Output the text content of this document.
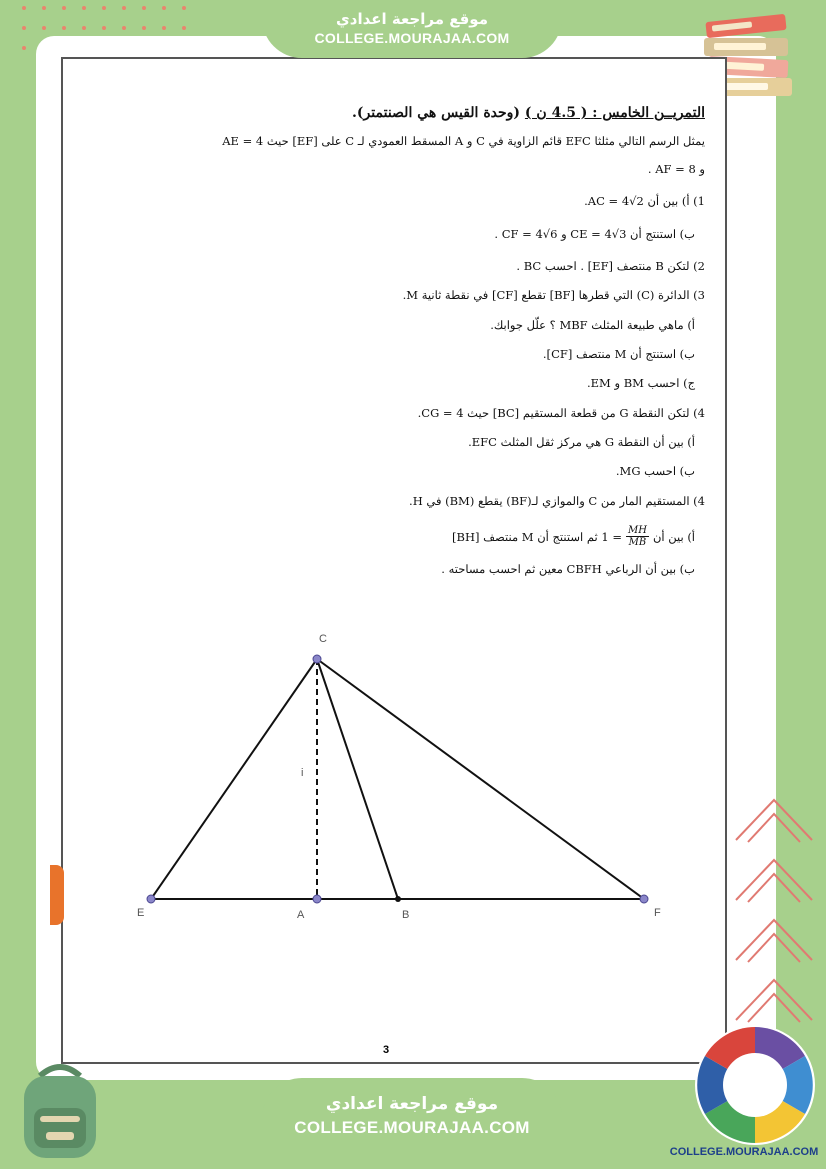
موقع مراجعة اعدادي
COLLEGE.MOURAJAA.COM
التمريــن الخامس : ( 4.5 ن ) (وحدة القيس هي الصنتمتر).
يمثل الرسم التالي مثلثا EFC قائم الزاوية في C و A المسقط العمودي لـ C على [EF] حيث AE = 4
و AF = 8 .
1) أ) بين أن AC = 4√2.
ب) استنتج أن CE = 4√3 و CF = 4√6 .
2) لتكن B منتصف [EF] . احسب BC .
3) الدائرة (C) التي قطرها [BF] تقطع [CF] في نقطة ثانية M.
أ) ماهي طبيعة المثلث MBF ؟ علّل جوابك.
ب) استنتج أن M منتصف [CF].
ج) احسب BM و EM.
4) لتكن النقطة G من قطعة المستقيم [BC] حيث CG = 4.
أ) بين أن النقطة G هي مركز ثقل المثلث EFC.
ب) احسب MG.
4) المستقيم المار من C والموازي لـ(BF) يقطع (BM) في H.
أ) بين أن
$\frac{MH}{MB}$
= 1 ثم استنتج أن M منتصف [BH]
ب) بين أن الرباعي CBFH معين ثم احسب مساحته .
3
C
E	A	B	F
i
موقع مراجعة اعدادي
COLLEGE.MOURAJAA.COM
COLLEGE.MOURAJAA.COM
